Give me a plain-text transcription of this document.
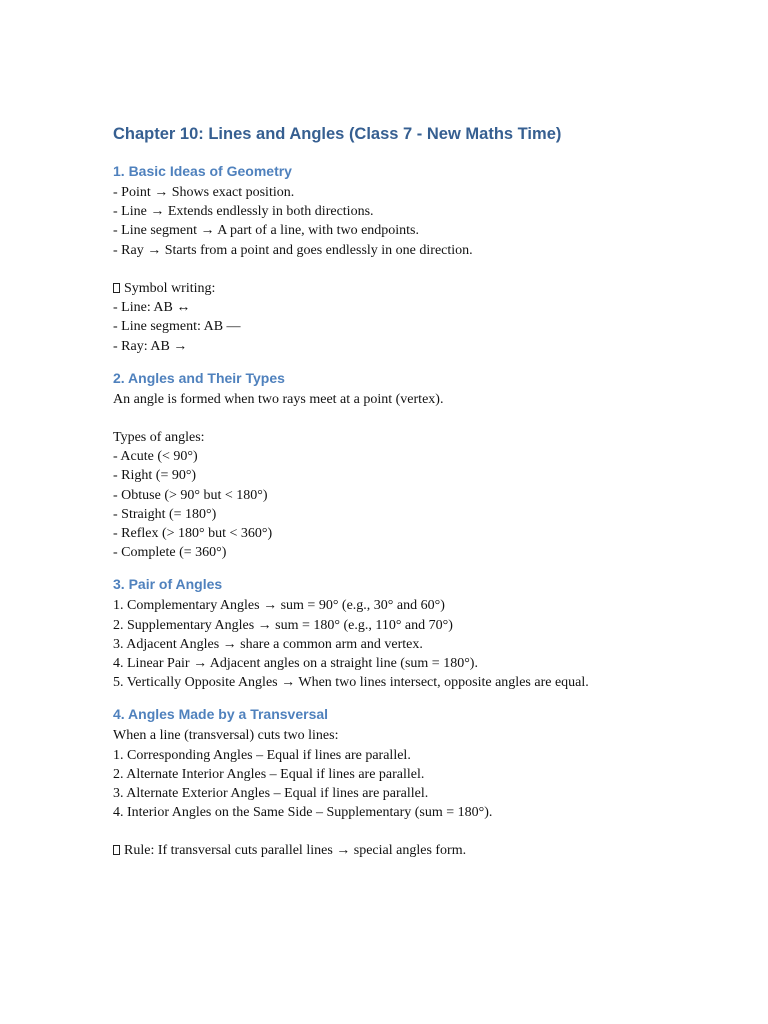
Chapter 10: Lines and Angles (Class 7 - New Maths Time)
1. Basic Ideas of Geometry
- Point → Shows exact position.
- Line → Extends endlessly in both directions.
- Line segment → A part of a line, with two endpoints.
- Ray → Starts from a point and goes endlessly in one direction.
Symbol writing:
- Line: AB ↔
- Line segment: AB —
- Ray: AB →
2. Angles and Their Types
An angle is formed when two rays meet at a point (vertex).
Types of angles:
- Acute (< 90°)
- Right (= 90°)
- Obtuse (> 90° but < 180°)
- Straight (= 180°)
- Reflex (> 180° but < 360°)
- Complete (= 360°)
3. Pair of Angles
1. Complementary Angles → sum = 90° (e.g., 30° and 60°)
2. Supplementary Angles → sum = 180° (e.g., 110° and 70°)
3. Adjacent Angles → share a common arm and vertex.
4. Linear Pair → Adjacent angles on a straight line (sum = 180°).
5. Vertically Opposite Angles → When two lines intersect, opposite angles are equal.
4. Angles Made by a Transversal
When a line (transversal) cuts two lines:
1. Corresponding Angles – Equal if lines are parallel.
2. Alternate Interior Angles – Equal if lines are parallel.
3. Alternate Exterior Angles – Equal if lines are parallel.
4. Interior Angles on the Same Side – Supplementary (sum = 180°).
Rule: If transversal cuts parallel lines → special angles form.
